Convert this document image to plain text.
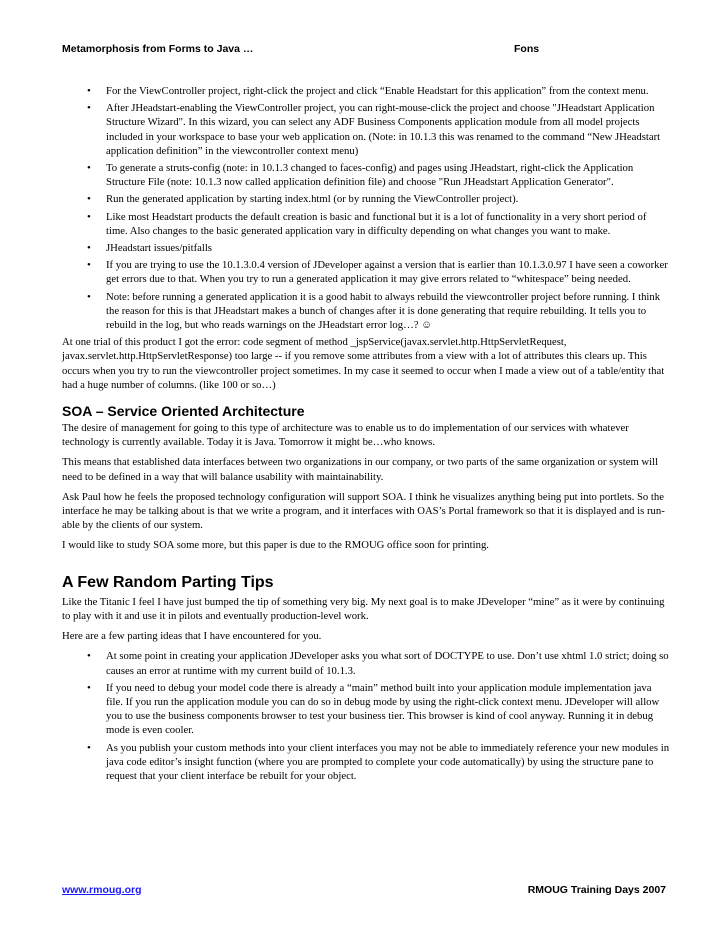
Metamorphosis from Forms to Java …	Fons
• For the ViewController project, right-click the project and click “Enable Headstart for this application” from the context menu.
• After JHeadstart-enabling the ViewController project, you can right-mouse-click the project and choose "JHeadstart Application Structure Wizard". In this wizard, you can select any ADF Business Components application module from all model projects included in your workspace to base your web application on. (Note: in 10.1.3 this was renamed to the command “New JHeadstart application definition” in the viewcontroller context menu)
• To generate a struts-config (note: in 10.1.3 changed to faces-config) and pages using JHeadstart, right-click the Application Structure File (note: 10.1.3 now called application definition file) and choose "Run JHeadstart Application Generator".
• Run the generated application by starting index.html (or by running the ViewController project).
• Like most Headstart products the default creation is basic and functional but it is a lot of functionality in a very short period of time. Also changes to the basic generated application vary in difficulty depending on what changes you want to make.
• JHeadstart issues/pitfalls
• If you are trying to use the 10.1.3.0.4 version of JDeveloper against a version that is earlier than 10.1.3.0.97 I have seen a coworker get errors due to that. When you try to run a generated application it may give errors related to “whitespace” being needed.
• Note: before running a generated application it is a good habit to always rebuild the viewcontroller project before running. I think the reason for this is that JHeadstart makes a bunch of changes after it is done generating that require rebuilding. It tells you to rebuild in the log, but who reads warnings on the JHeadstart error log…? ☺

At one trial of this product I got the error: code segment of method _jspService(javax.servlet.http.HttpServletRequest, javax.servlet.http.HttpServletResponse) too large -- if you remove some attributes from a view with a lot of attributes this clears up. This occurs when you try to run the viewcontroller project sometimes. In my case it seemed to occur when I made a view out of a table/entity that had a huge number of columns. (like 100 or so…)

SOA – Service Oriented Architecture

The desire of management for going to this type of architecture was to enable us to do implementation of our services with whatever technology is currently available. Today it is Java. Tomorrow it might be…who knows.

This means that established data interfaces between two organizations in our company, or two parts of the same organization or system will need to be defined in a way that will balance usability with maintainability.

Ask Paul how he feels the proposed technology configuration will support SOA. I think he visualizes anything being put into portlets. So the interface he may be talking about is that we write a program, and it interfaces with OAS’s Portal framework so that it is displayed and is run-able by the clients of our system.

I would like to study SOA some more, but this paper is due to the RMOUG office soon for printing.

A Few Random Parting Tips

Like the Titanic I feel I have just bumped the tip of something very big. My next goal is to make JDeveloper “mine” as it were by continuing to play with it and use it in pilots and eventually production-level work.

Here are a few parting ideas that I have encountered for you.

• At some point in creating your application JDeveloper asks you what sort of DOCTYPE to use. Don’t use xhtml 1.0 strict; doing so causes an error at runtime with my current build of 10.1.3.
• If you need to debug your model code there is already a “main” method built into your application module implementation java file. If you run the application module you can do so in debug mode by using the right-click context menu. JDeveloper will allow you to use the business components browser to test your business tier. This browser is kind of cool anyway. Running it in debug mode is even cooler.
• As you publish your custom methods into your client interfaces you may not be able to immediately reference your new modules in java code editor’s insight function (where you are prompted to complete your code automatically) by using the structure pane to request that your client interface be rebuilt for your object.
www.rmoug.org	RMOUG Training Days 2007
